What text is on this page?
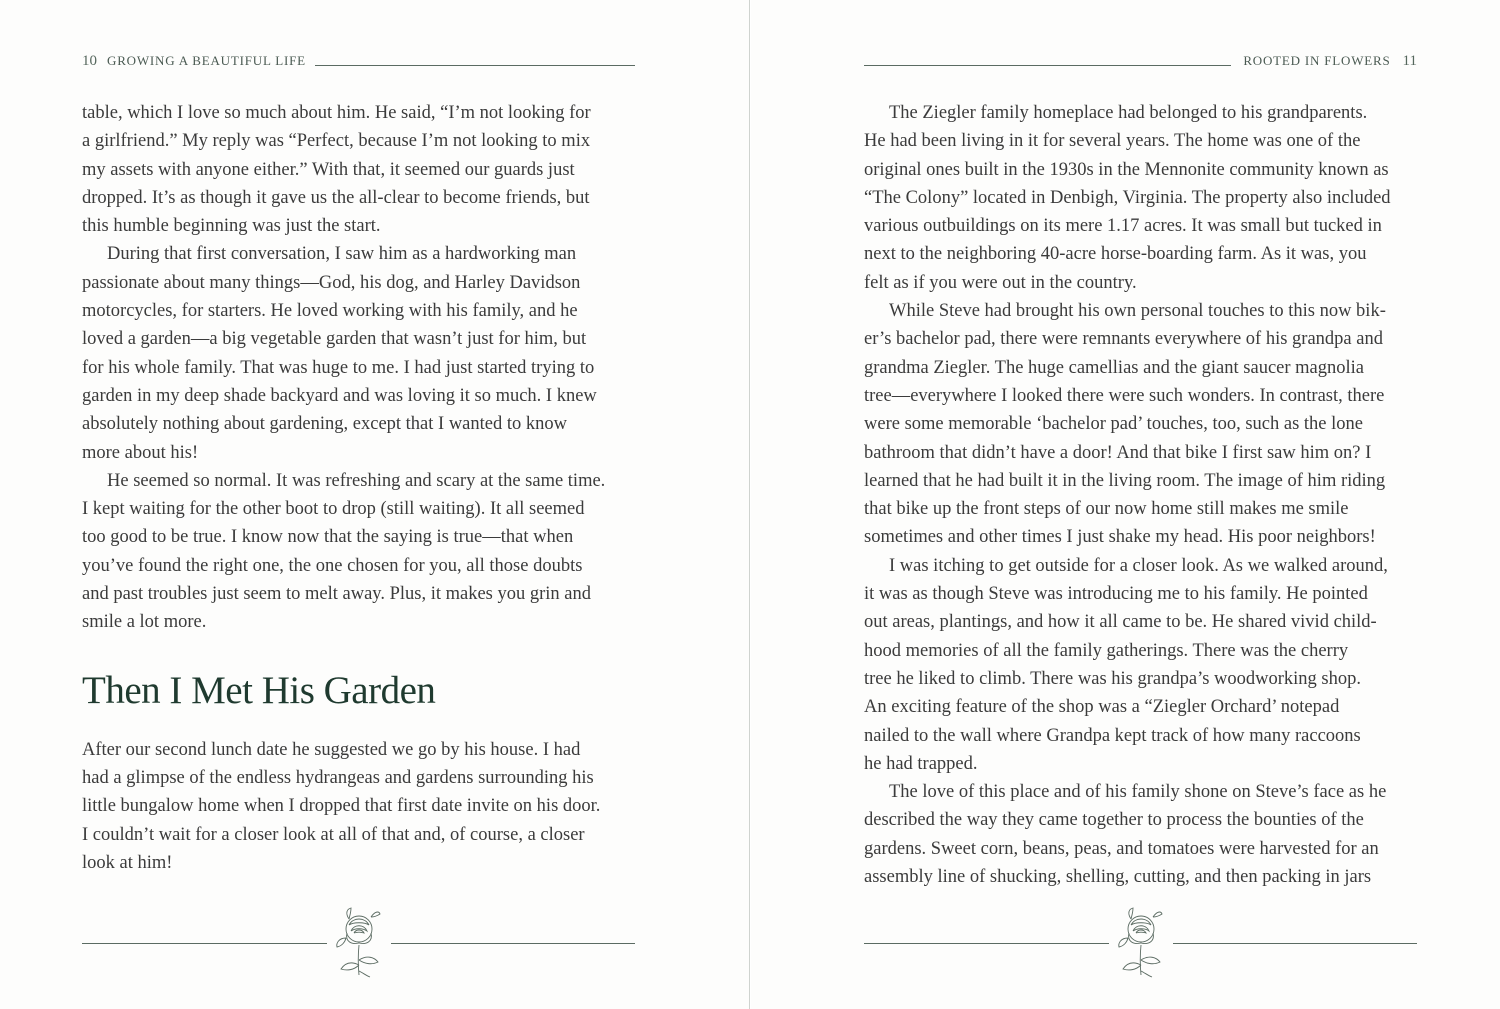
10 GROWING A BEAUTIFUL LIFE

table, which I love so much about him. He said, “I’m not looking for

a girlfriend.” My reply was “Perfect, because I’m not looking to mix

my assets with anyone either.” With that, it seemed our guards just

dropped. It’s as though it gave us the all-clear to become friends, but

this humble beginning was just the start.

During that first conversation, I saw him as a hardworking man

passionate about many things—God, his dog, and Harley Davidson

motorcycles, for starters. He loved working with his family, and he

loved a garden—a big vegetable garden that wasn’t just for him, but

for his whole family. That was huge to me. I had just started trying to

garden in my deep shade backyard and was loving it so much. I knew

absolutely nothing about gardening, except that I wanted to know

more about his!

He seemed so normal. It was refreshing and scary at the same time.

I kept waiting for the other boot to drop (still waiting). It all seemed

too good to be true. I know now that the saying is true—that when

you’ve found the right one, the one chosen for you, all those doubts

and past troubles just seem to melt away. Plus, it makes you grin and

smile a lot more.

Then I Met His Garden

After our second lunch date he suggested we go by his house. I had

had a glimpse of the endless hydrangeas and gardens surrounding his

little bungalow home when I dropped that first date invite on his door.

I couldn’t wait for a closer look at all of that and, of course, a closer

look at him!

ROOTED IN FLOWERS 11

The Ziegler family homeplace had belonged to his grandparents.

He had been living in it for several years. The home was one of the

original ones built in the 1930s in the Mennonite community known as

“The Colony” located in Denbigh, Virginia. The property also included

various outbuildings on its mere 1.17 acres. It was small but tucked in

next to the neighboring 40-acre horse-boarding farm. As it was, you

felt as if you were out in the country.

While Steve had brought his own personal touches to this now bik-

er’s bachelor pad, there were remnants everywhere of his grandpa and

grandma Ziegler. The huge camellias and the giant saucer magnolia

tree—everywhere I looked there were such wonders. In contrast, there

were some memorable ‘bachelor pad’ touches, too, such as the lone

bathroom that didn’t have a door! And that bike I first saw him on? I

learned that he had built it in the living room. The image of him riding

that bike up the front steps of our now home still makes me smile

sometimes and other times I just shake my head. His poor neighbors!

I was itching to get outside for a closer look. As we walked around,

it was as though Steve was introducing me to his family. He pointed

out areas, plantings, and how it all came to be. He shared vivid child-

hood memories of all the family gatherings. There was the cherry

tree he liked to climb. There was his grandpa’s woodworking shop.

An exciting feature of the shop was a “Ziegler Orchard’ notepad

nailed to the wall where Grandpa kept track of how many raccoons

he had trapped.

The love of this place and of his family shone on Steve’s face as he

described the way they came together to process the bounties of the

gardens. Sweet corn, beans, peas, and tomatoes were harvested for an

assembly line of shucking, shelling, cutting, and then packing in jars
